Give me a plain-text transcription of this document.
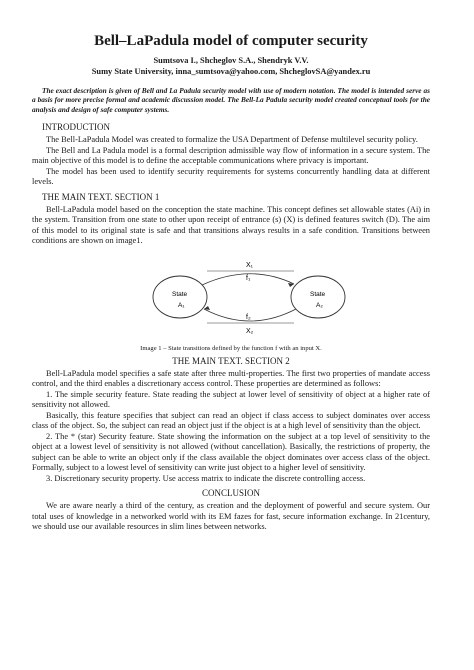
Bell–LaPadula model of computer security
Sumtsova I., Shcheglov S.A., Shendryk V.V.
Sumy State University, inna_sumtsova@yahoo.com, ShcheglovSA@yandex.ru
The exact description is given of Bell and La Padula security model with use of modern notation. The model is intended serve as a basis for more precise formal and academic discussion model. The Bell-La Padula security model created conceptual tools for the analysis and design of safe computer systems.
INTRODUCTION

The Bell-LaPadula Model was created to formalize the USA Department of Defense multilevel security policy.

The Bell and La Padula model is a formal description admissible way flow of information in a secure system. The main objective of this model is to define the acceptable communications where privacy is important.

The model has been used to identify security requirements for systems concurrently handling data at different levels.

THE MAIN TEXT. SECTION 1

Bell-LaPadula model based on the conception the state machine. This concept defines set allowable states (Ai) in the system. Transition from one state to other upon receipt of entrance (s) (X) is defined features switch (D). The aim of this model to its original state is safe and that transitions always results in a safe condition. Transitions between conditions are shown on image1.

State
A₁
State
A₂
X₁
f₁
f₂
X₂
Image 1 – State transitions defined by the function f with an input X.
THE MAIN TEXT. SECTION 2

Bell-LaPadula model specifies a safe state after three multi-properties. The first two properties of mandate access control, and the third enables a discretionary access control. These properties are determined as follows:

1. The simple security feature. State reading the subject at lower level of sensitivity of object at a higher rate of sensitivity not allowed.

Basically, this feature specifies that subject can read an object if class access to subject dominates over access class of the object. So, the subject can read an object just if the object is at a high level of sensitivity than the object.

2. The * (star) Security feature. State showing the information on the subject at a top level of sensitivity to the object at a lowest level of sensitivity is not allowed (without cancellation). Basically, the restrictions of property, the subject can be able to write an object only if the class available the object dominates over access class of the object. Formally, subject to a lowest level of sensitivity can write just object to a higher level of sensitivity.

3. Discretionary security property. Use access matrix to indicate the discrete controlling access.

CONCLUSION

We are aware nearly a third of the century, as creation and the deployment of powerful and secure system. Our total uses of knowledge in a networked world with its EM fazes for fast, secure information exchange. In 21century, we should use our available resources in slim lines between networks.
